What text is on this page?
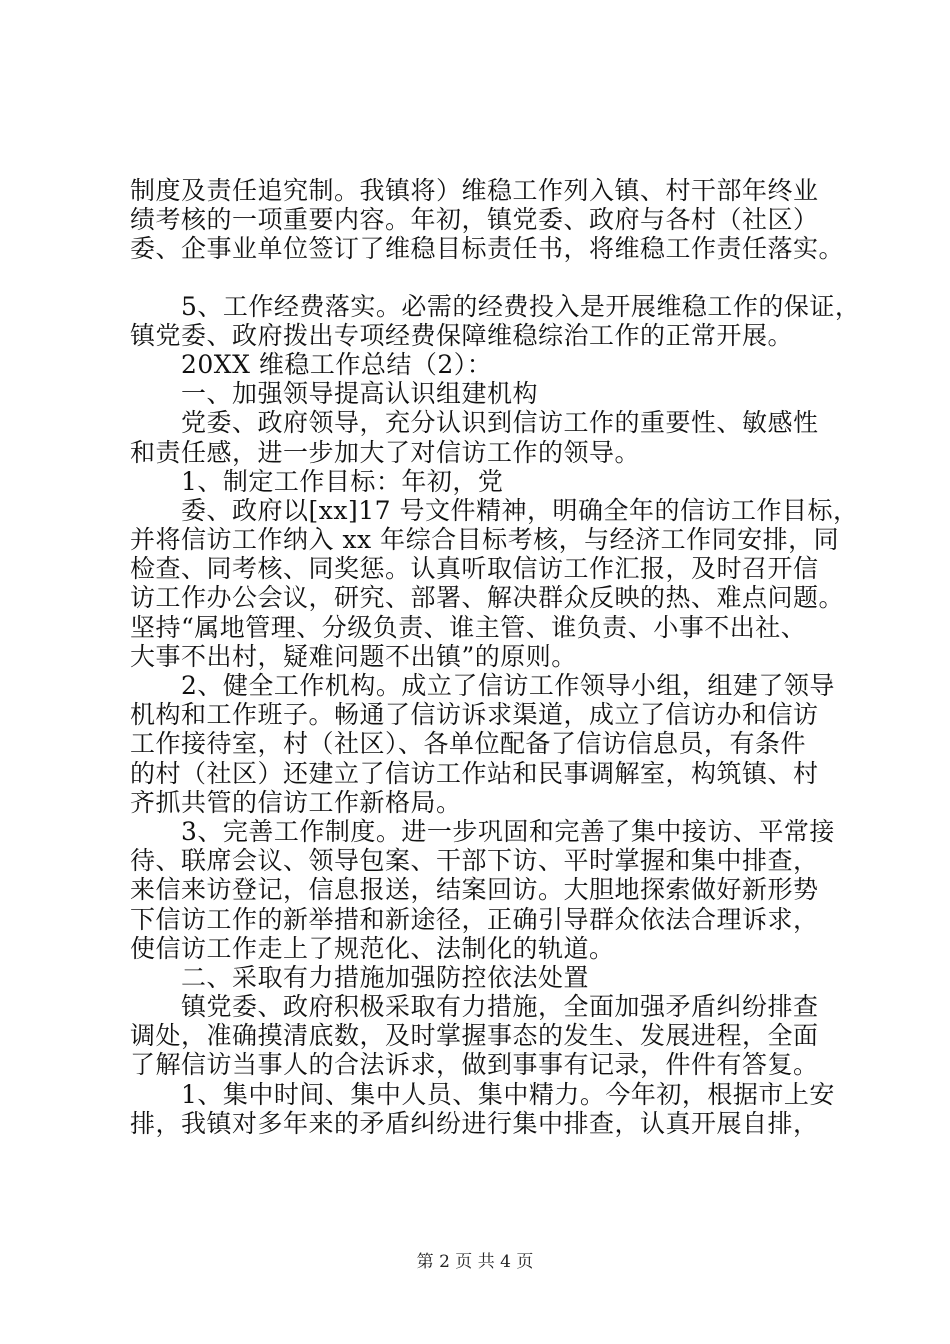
制度及责任追究制。我镇将）维稳工作列入镇、村干部年终业
绩考核的一项重要内容。年初，镇党委、政府与各村（社区）
委、企事业单位签订了维稳目标责任书，将维稳工作责任落实。
　　5、工作经费落实。必需的经费投入是开展维稳工作的保证，
镇党委、政府拨出专项经费保障维稳综治工作的正常开展。
　　20XX 维稳工作总结（2）：
　　一、加强领导提高认识组建机构
　　党委、政府领导，充分认识到信访工作的重要性、敏感性
和责任感，进一步加大了对信访工作的领导。
　　1、制定工作目标：年初，党
　　委、政府以[xx]17 号文件精神，明确全年的信访工作目标，
并将信访工作纳入 xx 年综合目标考核，与经济工作同安排，同
检查、同考核、同奖惩。认真听取信访工作汇报，及时召开信
访工作办公会议，研究、部署、解决群众反映的热、难点问题。
坚持“属地管理、分级负责、谁主管、谁负责、小事不出社、
大事不出村，疑难问题不出镇”的原则。
　　2、健全工作机构。成立了信访工作领导小组，组建了领导
机构和工作班子。畅通了信访诉求渠道，成立了信访办和信访
工作接待室，村（社区）、各单位配备了信访信息员，有条件
的村（社区）还建立了信访工作站和民事调解室，构筑镇、村
齐抓共管的信访工作新格局。
　　3、完善工作制度。进一步巩固和完善了集中接访、平常接
待、联席会议、领导包案、干部下访、平时掌握和集中排查，
来信来访登记，信息报送，结案回访。大胆地探索做好新形势
下信访工作的新举措和新途径，正确引导群众依法合理诉求，
使信访工作走上了规范化、法制化的轨道。
　　二、采取有力措施加强防控依法处置
　　镇党委、政府积极采取有力措施，全面加强矛盾纠纷排查
调处，准确摸清底数，及时掌握事态的发生、发展进程，全面
了解信访当事人的合法诉求，做到事事有记录，件件有答复。
　　1、集中时间、集中人员、集中精力。今年初，根据市上安
排，我镇对多年来的矛盾纠纷进行集中排查，认真开展自排，
第 2 页 共 4 页
